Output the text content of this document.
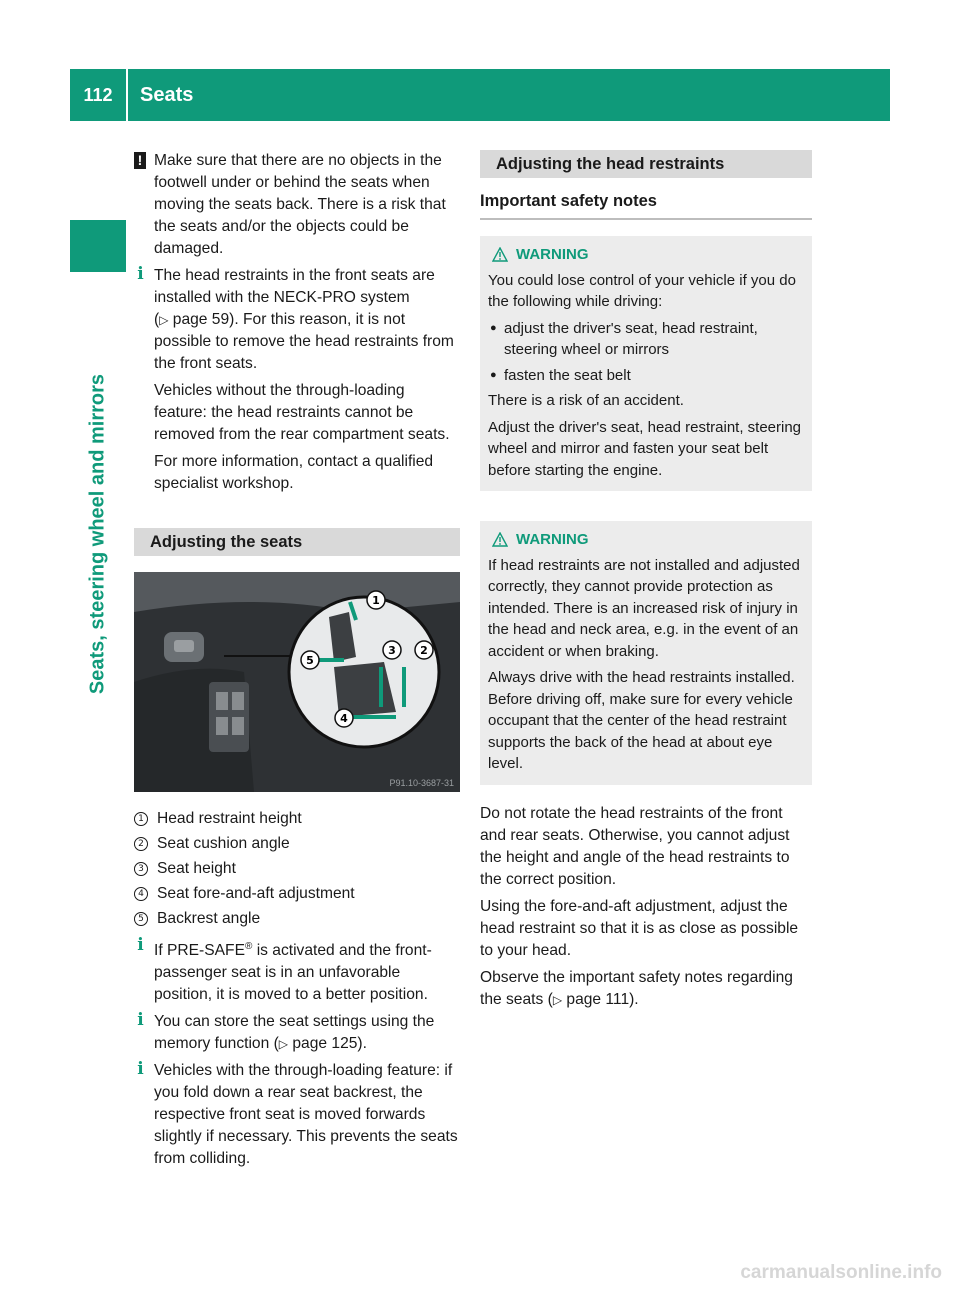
112	Seats
Seats, steering wheel and mirrors

! Make sure that there are no objects in the footwell under or behind the seats when moving the seats back. There is a risk that the seats and/or the objects could be damaged.

i The head restraints in the front seats are installed with the NECK-PRO system (▷ page 59). For this reason, it is not possible to remove the head restraints from the front seats.

Vehicles without the through-loading feature: the head restraints cannot be removed from the rear compartment seats.

For more information, contact a qualified specialist workshop.

Adjusting the seats
1
2
3
4
5
P91.10-3687-31
1 Head restraint height
2 Seat cushion angle
3 Seat height
4 Seat fore-and-aft adjustment
5 Backrest angle

i If PRE-SAFE® is activated and the front-passenger seat is in an unfavorable position, it is moved to a better position.

i You can store the seat settings using the memory function (▷ page 125).

i Vehicles with the through-loading feature: if you fold down a rear seat backrest, the respective front seat is moved forwards slightly if necessary. This prevents the seats from colliding.

Adjusting the head restraints
Important safety notes
WARNING

You could lose control of your vehicle if you do the following while driving:

● adjust the driver's seat, head restraint, steering wheel or mirrors

● fasten the seat belt

There is a risk of an accident.

Adjust the driver's seat, head restraint, steering wheel and mirror and fasten your seat belt before starting the engine.

WARNING

If head restraints are not installed and adjusted correctly, they cannot provide protection as intended. There is an increased risk of injury in the head and neck area, e.g. in the event of an accident or when braking.

Always drive with the head restraints installed. Before driving off, make sure for every vehicle occupant that the center of the head restraint supports the back of the head at about eye level.

Do not rotate the head restraints of the front and rear seats. Otherwise, you cannot adjust the height and angle of the head restraints to the correct position.

Using the fore-and-aft adjustment, adjust the head restraint so that it is as close as possible to your head.

Observe the important safety notes regarding the seats (▷ page 111).

carmanualsonline.info
